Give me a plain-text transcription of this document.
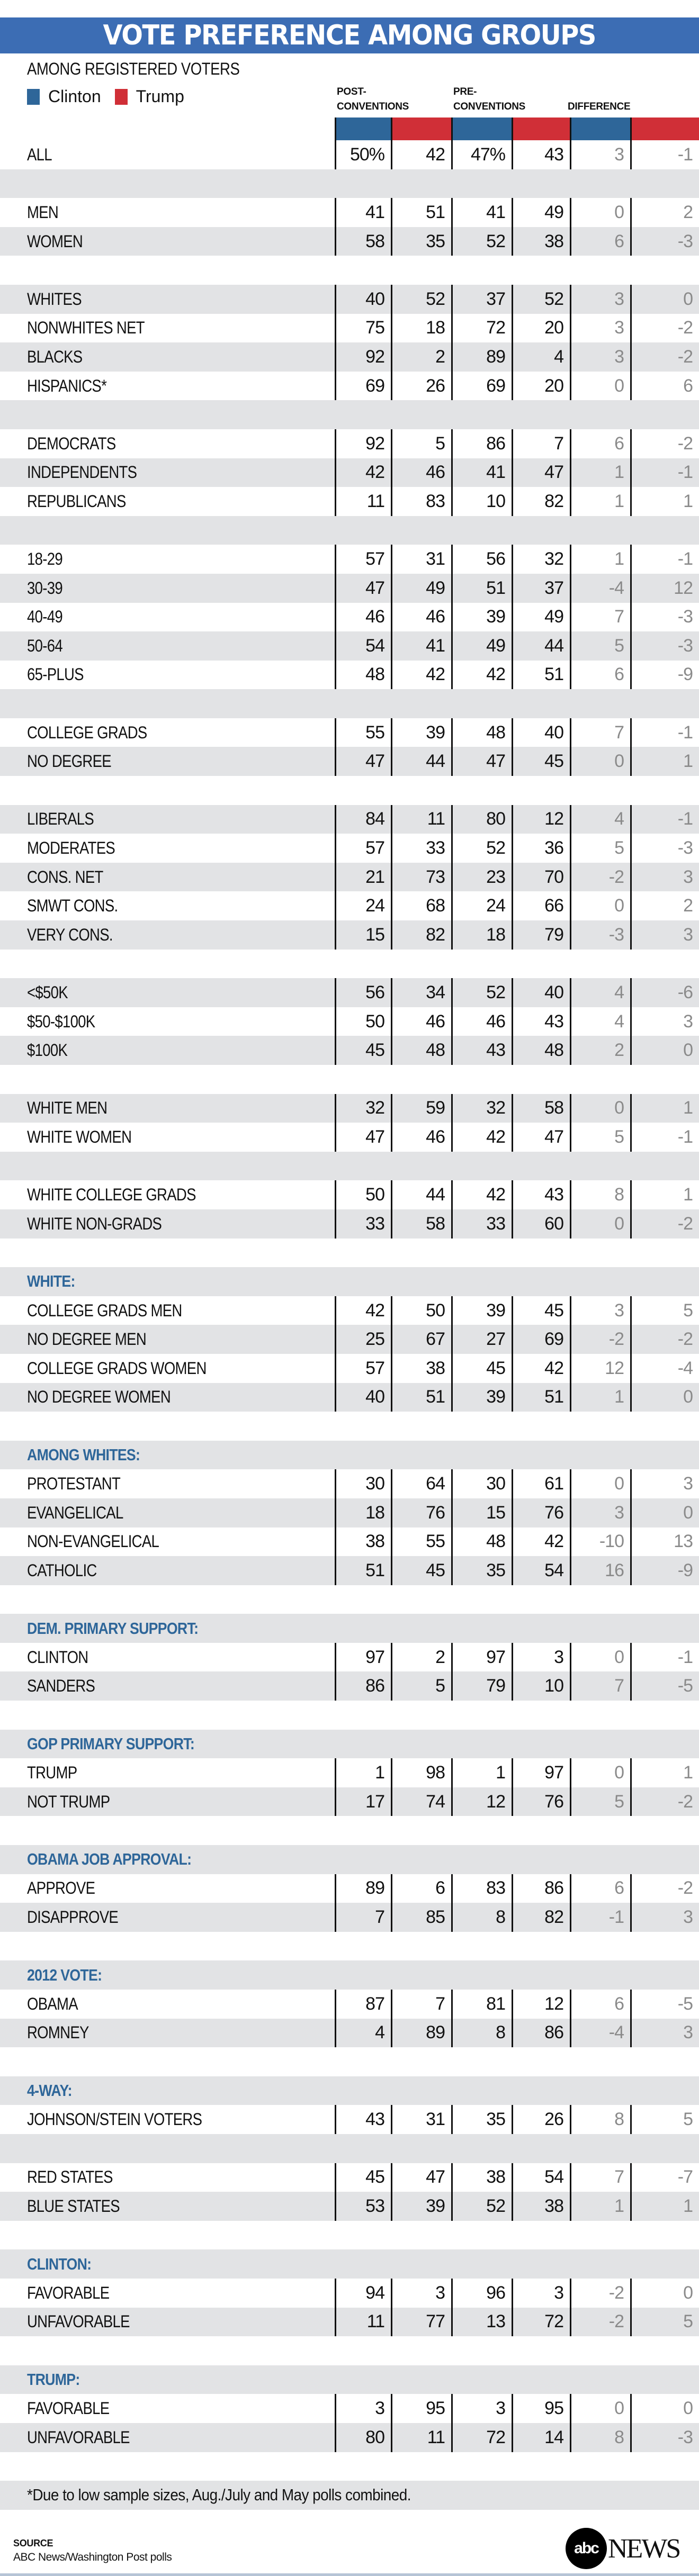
VOTE PREFERENCE AMONG GROUPS
AMONG REGISTERED VOTERS
Clinton Trump	POST-
CONVENTIONS
PRE-
CONVENTIONS	DIFFERENCE
ALL	50%	42	47%	43	3	-1
MEN	41	51	41	49	0	2
WOMEN	58	35	52	38	6	-3
WHITES	40	52	37	52	3	0
NONWHITES NET	75	18	72	20	3	-2
BLACKS	92	2	89	4	3	-2
HISPANICS*	69	26	69	20	0	6
DEMOCRATS	92	5	86	7	6	-2
INDEPENDENTS	42	46	41	47	1	-1
REPUBLICANS	11	83	10	82	1	1
18-29	57	31	56	32	1	-1
30-39	47	49	51	37	-4	12
40-49	46	46	39	49	7	-3
50-64	54	41	49	44	5	-3
65-PLUS	48	42	42	51	6	-9
COLLEGE GRADS	55	39	48	40	7	-1
NO DEGREE	47	44	47	45	0	1
LIBERALS	84	11	80	12	4	-1
MODERATES	57	33	52	36	5	-3
CONS. NET	21	73	23	70	-2	3
SMWT CONS.	24	68	24	66	0	2
VERY CONS.	15	82	18	79	-3	3
<$50K	56	34	52	40	4	-6
$50-$100K	50	46	46	43	4	3
$100K	45	48	43	48	2	0
WHITE MEN	32	59	32	58	0	1
WHITE WOMEN	47	46	42	47	5	-1
WHITE COLLEGE GRADS	50	44	42	43	8	1
WHITE NON-GRADS	33	58	33	60	0	-2
WHITE:
COLLEGE GRADS MEN	42	50	39	45	3	5
NO DEGREE MEN	25	67	27	69	-2	-2
COLLEGE GRADS WOMEN	57	38	45	42	12	-4
NO DEGREE WOMEN	40	51	39	51	1	0
AMONG WHITES:
PROTESTANT	30	64	30	61	0	3
EVANGELICAL	18	76	15	76	3	0
NON-EVANGELICAL	38	55	48	42	-10	13
CATHOLIC	51	45	35	54	16	-9
DEM. PRIMARY SUPPORT:
CLINTON	97	2	97	3	0	-1
SANDERS	86	5	79	10	7	-5
GOP PRIMARY SUPPORT:
TRUMP	1	98	1	97	0	1
NOT TRUMP	17	74	12	76	5	-2
OBAMA JOB APPROVAL:
APPROVE	89	6	83	86	6	-2
DISAPPROVE	7	85	8	82	-1	3
2012 VOTE:
OBAMA	87	7	81	12	6	-5
ROMNEY	4	89	8	86	-4	3
4-WAY:
JOHNSON/STEIN VOTERS	43	31	35	26	8	5
RED STATES	45	47	38	54	7	-7
BLUE STATES	53	39	52	38	1	1
CLINTON:
FAVORABLE	94	3	96	3	-2	0
UNFAVORABLE	11	77	13	72	-2	5
TRUMP:
FAVORABLE	3	95	3	95	0	0
UNFAVORABLE	80	11	72	14	8	-3
*Due to low sample sizes, Aug./July and May polls combined.
SOURCE
ABC News/Washington Post polls
abc NEWS
